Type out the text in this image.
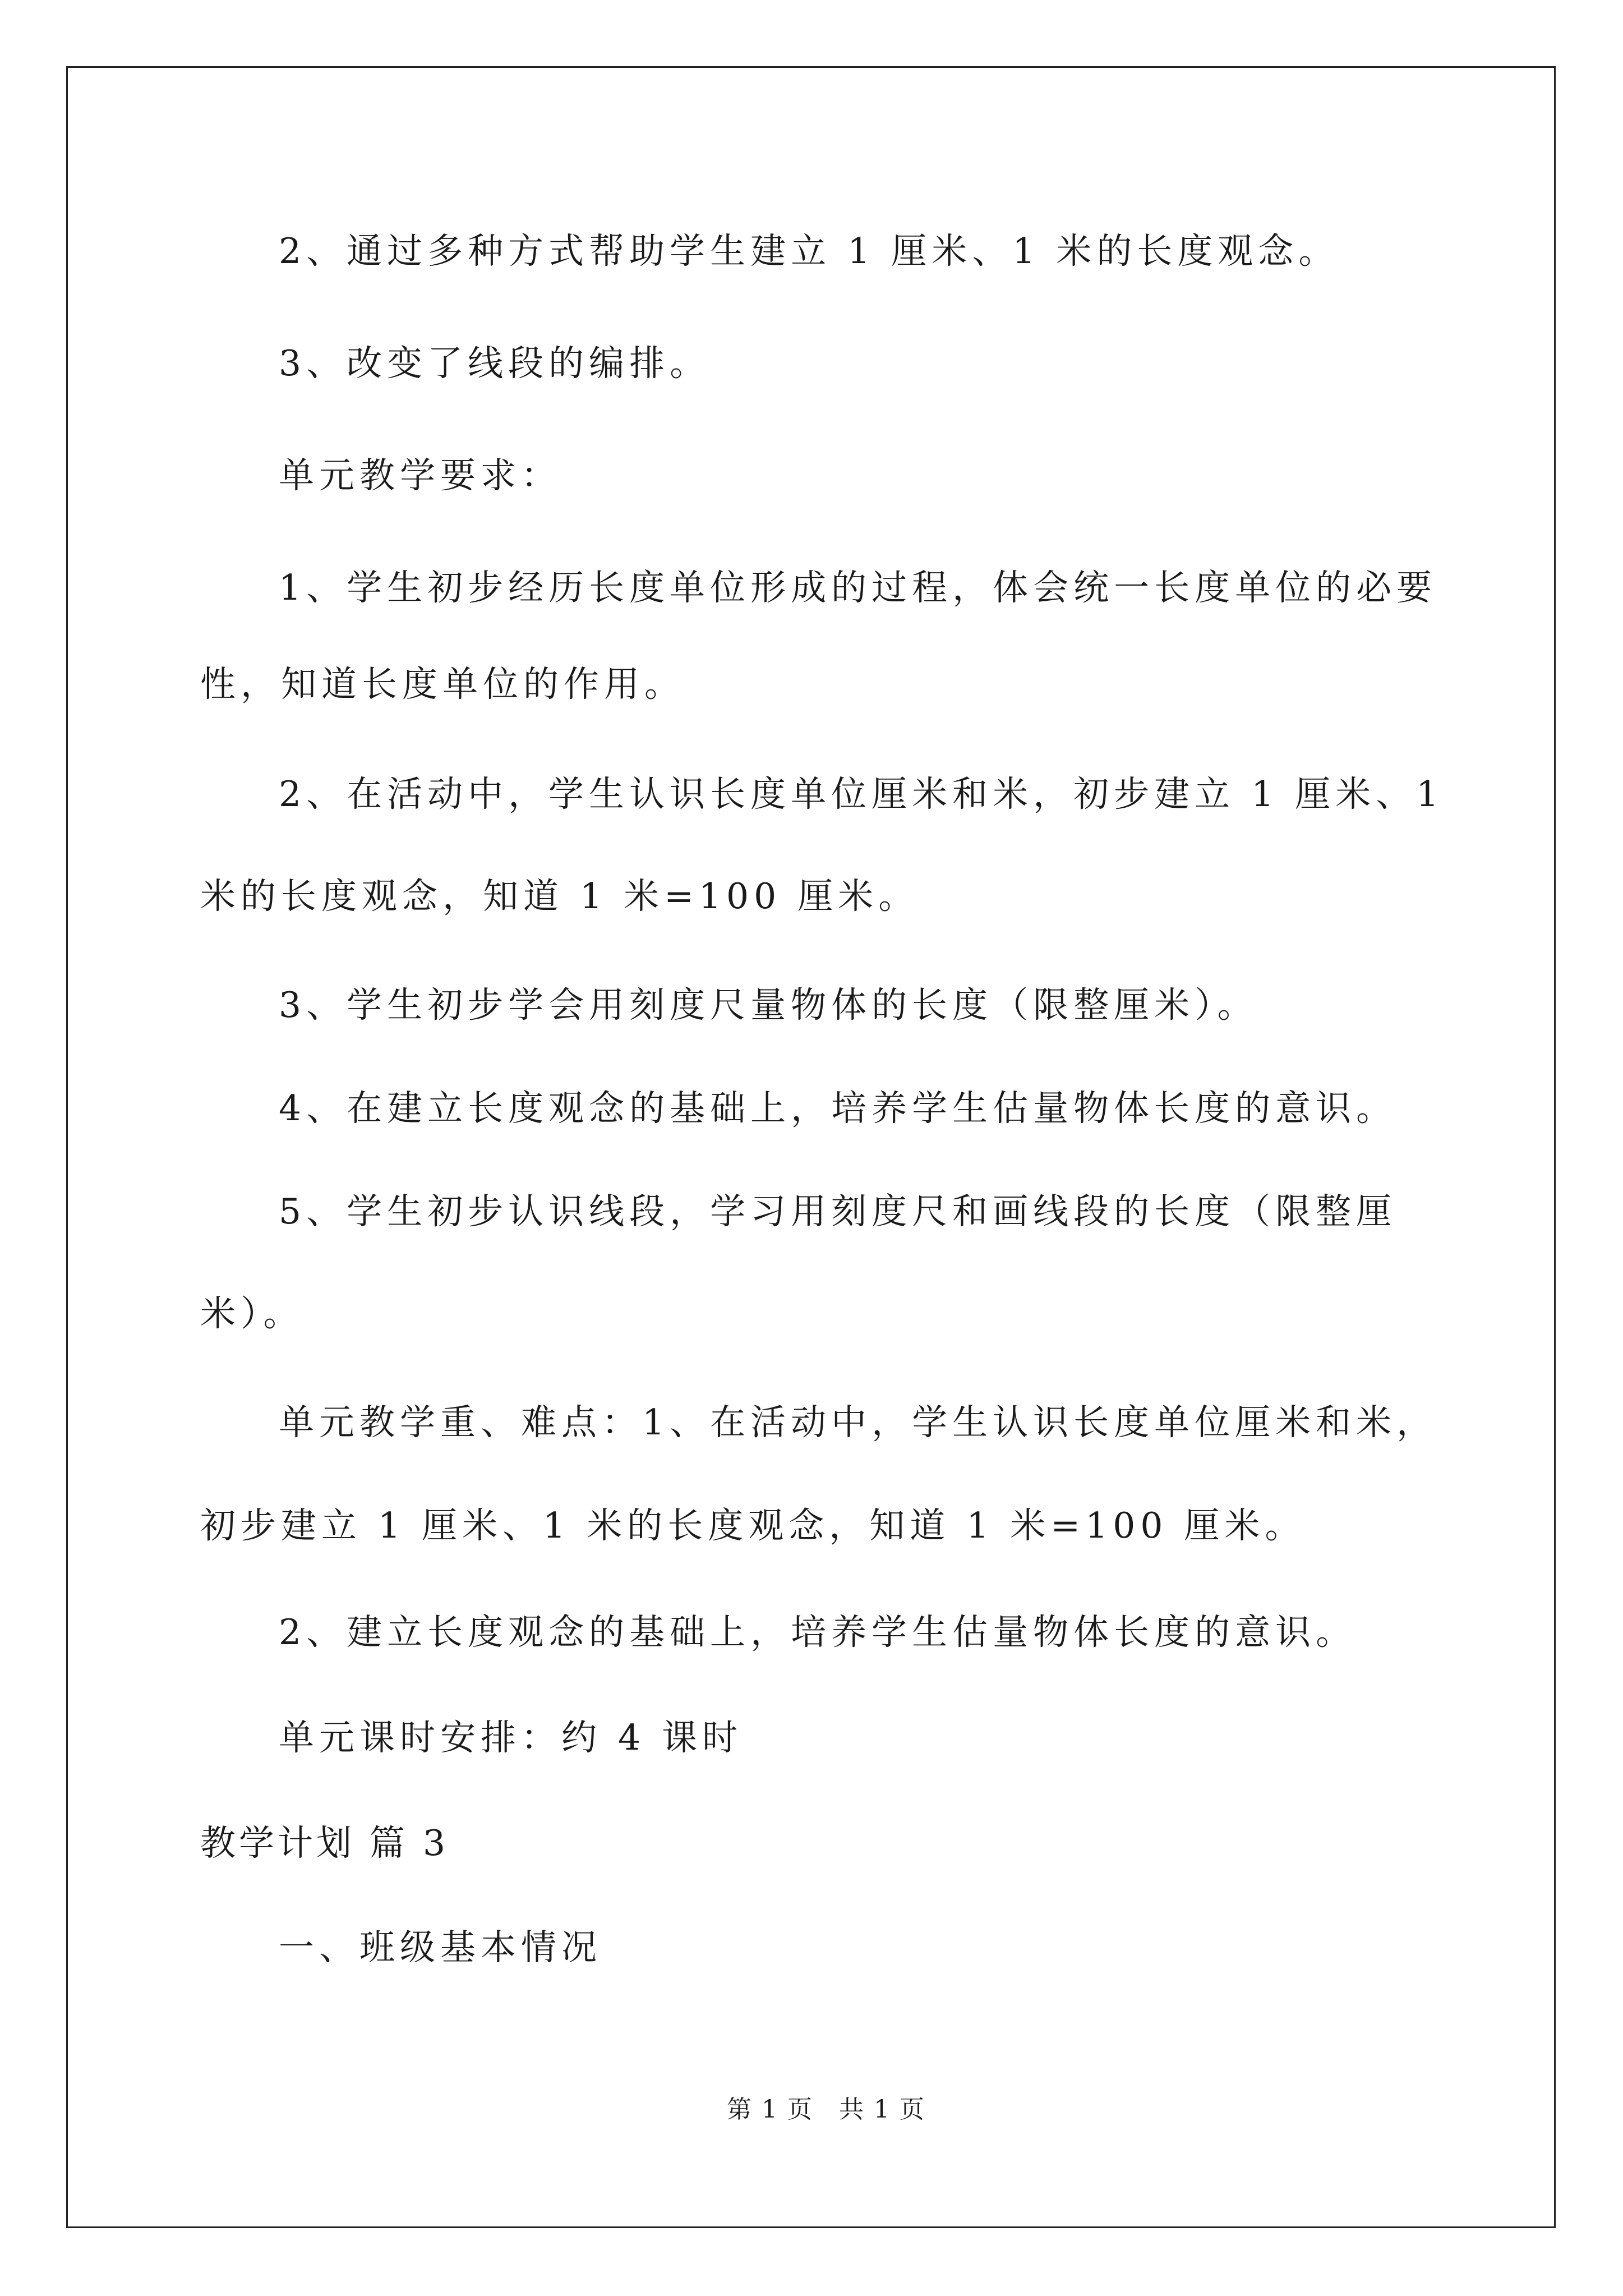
2、通过多种方式帮助学生建立 1 厘米、1 米的长度观念。
3、改变了线段的编排。
单元教学要求：
1、学生初步经历长度单位形成的过程，体会统一长度单位的必要
性，知道长度单位的作用。
2、在活动中，学生认识长度单位厘米和米，初步建立 1 厘米、1
米的长度观念，知道 1 米=100 厘米。
3、学生初步学会用刻度尺量物体的长度（限整厘米）。
4、在建立长度观念的基础上，培养学生估量物体长度的意识。
5、学生初步认识线段，学习用刻度尺和画线段的长度（限整厘
米）。
单元教学重、难点：1、在活动中，学生认识长度单位厘米和米，
初步建立 1 厘米、1 米的长度观念，知道 1 米=100 厘米。
2、建立长度观念的基础上，培养学生估量物体长度的意识。
单元课时安排：约 4 课时
教学计划 篇 3
一、班级基本情况
第 1 页　共 1 页
